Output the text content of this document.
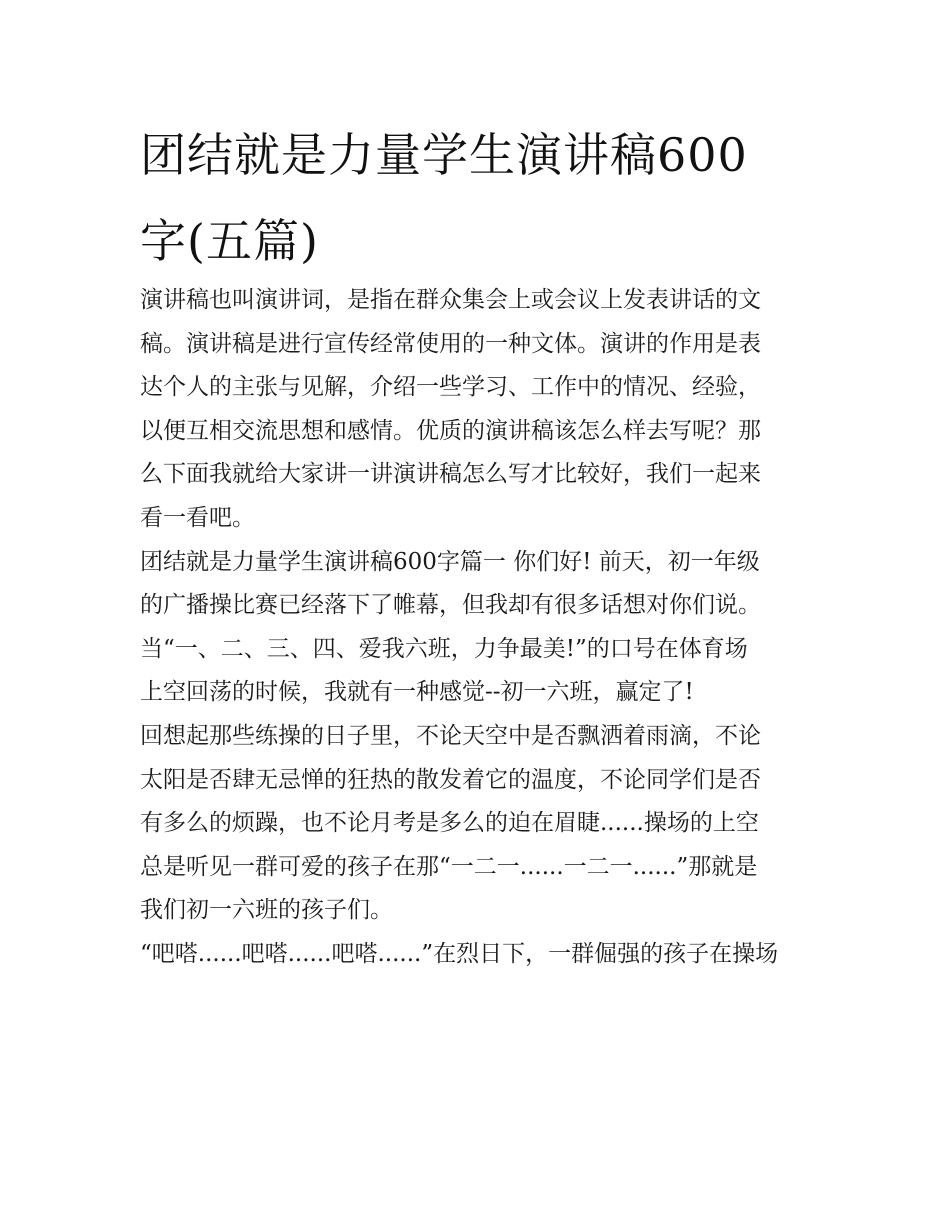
团结就是力量学生演讲稿600
字(五篇)
演讲稿也叫演讲词，是指在群众集会上或会议上发表讲话的文
稿。演讲稿是进行宣传经常使用的一种文体。演讲的作用是表
达个人的主张与见解，介绍一些学习、工作中的情况、经验，
以便互相交流思想和感情。优质的演讲稿该怎么样去写呢？那
么下面我就给大家讲一讲演讲稿怎么写才比较好，我们一起来
看一看吧。
团结就是力量学生演讲稿600字篇一 你们好! 前天，初一年级
的广播操比赛已经落下了帷幕，但我却有很多话想对你们说。
当“一、二、三、四、爱我六班，力争最美!”的口号在体育场
上空回荡的时候，我就有一种感觉--初一六班，赢定了!
回想起那些练操的日子里，不论天空中是否飘洒着雨滴，不论
太阳是否肆无忌惮的狂热的散发着它的温度，不论同学们是否
有多么的烦躁，也不论月考是多么的迫在眉睫......操场的上空
总是听见一群可爱的孩子在那“一二一......一二一......”那就是
我们初一六班的孩子们。
“吧嗒......吧嗒......吧嗒......”在烈日下，一群倔强的孩子在操场
